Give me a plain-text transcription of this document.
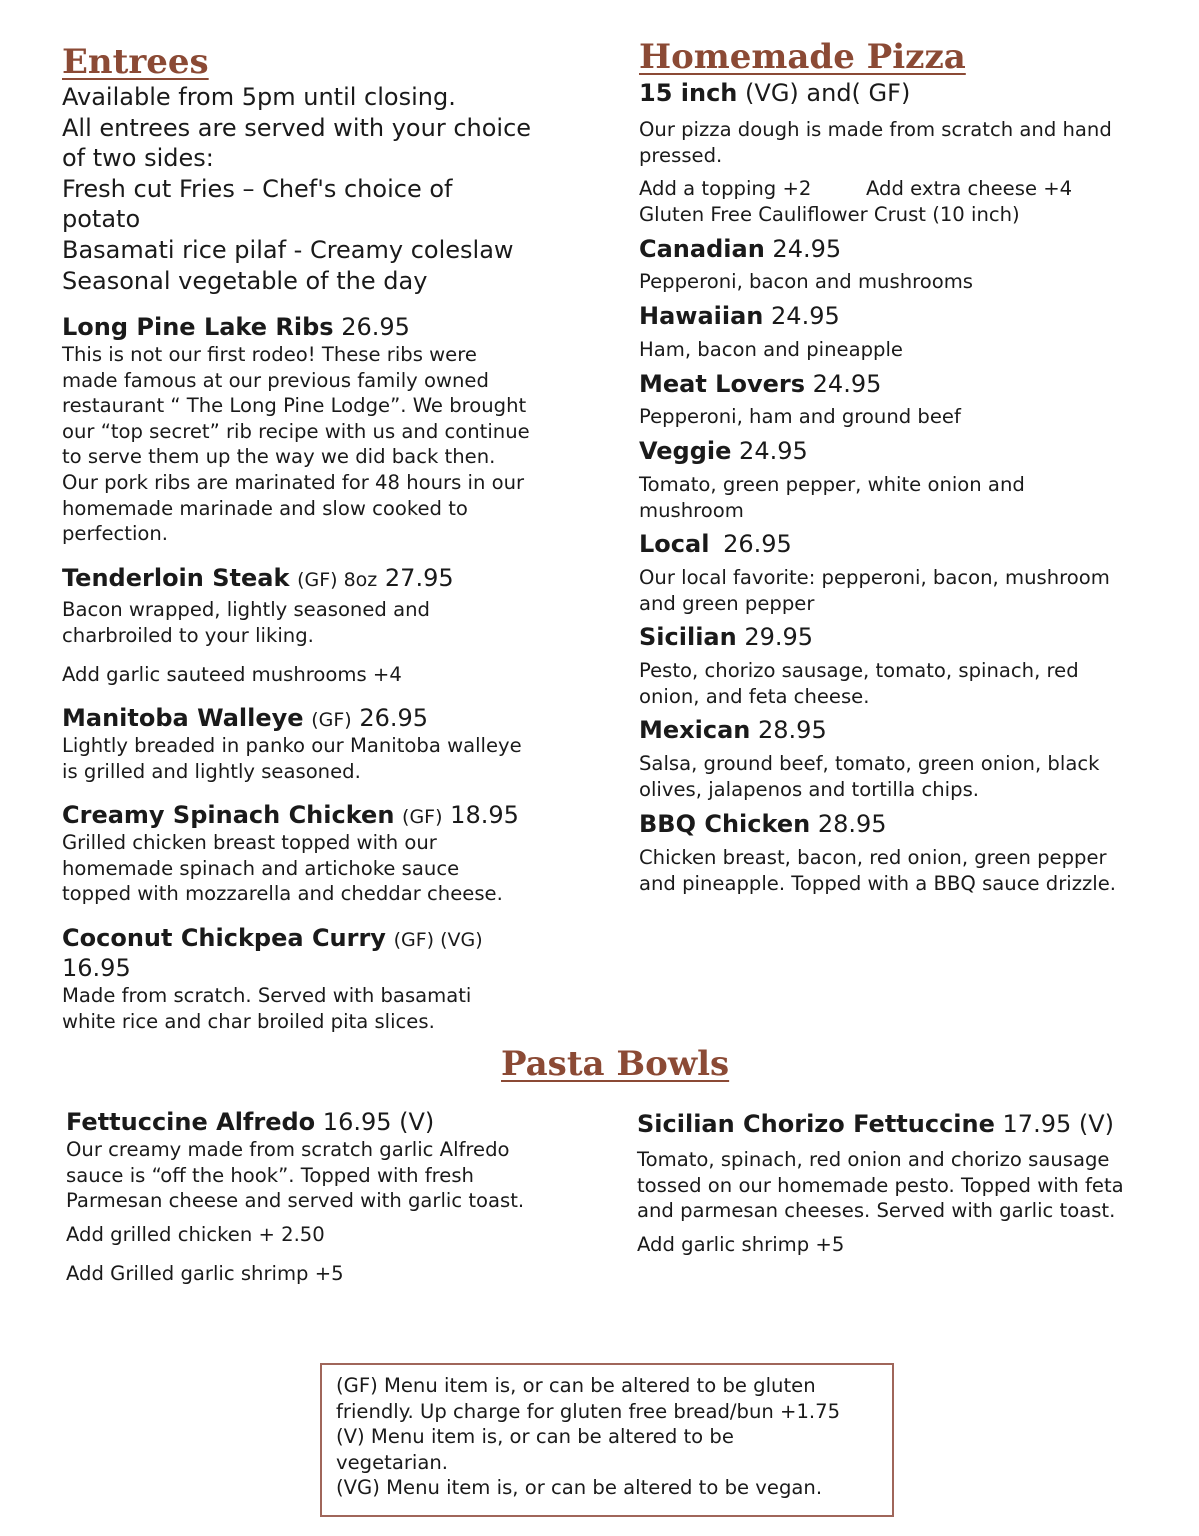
Entrees
Available from 5pm until closing.
All entrees are served with your choice
of two sides:
Fresh cut Fries – Chef's choice of
potato
Basamati rice pilaf - Creamy coleslaw
Seasonal vegetable of the day
Long Pine Lake Ribs 26.95
This is not our first rodeo! These ribs were
made famous at our previous family owned
restaurant “ The Long Pine Lodge”. We brought
our “top secret” rib recipe with us and continue
to serve them up the way we did back then.
Our pork ribs are marinated for 48 hours in our
homemade marinade and slow cooked to
perfection.
Tenderloin Steak (GF) 8oz 27.95
Bacon wrapped, lightly seasoned and
charbroiled to your liking.
Add garlic sauteed mushrooms +4
Manitoba Walleye (GF) 26.95
Lightly breaded in panko our Manitoba walleye
is grilled and lightly seasoned.
Creamy Spinach Chicken (GF) 18.95
Grilled chicken breast topped with our
homemade spinach and artichoke sauce
topped with mozzarella and cheddar cheese.
Coconut Chickpea Curry (GF) (VG)
16.95
Made from scratch. Served with basamati
white rice and char broiled pita slices.
Homemade Pizza
15 inch (VG) and( GF)
Our pizza dough is made from scratch and hand
pressed.
Add a topping +2	Add extra cheese +4
Gluten Free Cauliflower Crust (10 inch)
Canadian 24.95
Pepperoni, bacon and mushrooms
Hawaiian 24.95
Ham, bacon and pineapple
Meat Lovers 24.95
Pepperoni, ham and ground beef
Veggie 24.95
Tomato, green pepper, white onion and
mushroom
Local 26.95
Our local favorite: pepperoni, bacon, mushroom
and green pepper
Sicilian 29.95
Pesto, chorizo sausage, tomato, spinach, red
onion, and feta cheese.
Mexican 28.95
Salsa, ground beef, tomato, green onion, black
olives, jalapenos and tortilla chips.
BBQ Chicken 28.95
Chicken breast, bacon, red onion, green pepper
and pineapple. Topped with a BBQ sauce drizzle.
Pasta Bowls
Fettuccine Alfredo 16.95 (V)
Our creamy made from scratch garlic Alfredo
sauce is “off the hook”. Topped with fresh
Parmesan cheese and served with garlic toast.
Add grilled chicken + 2.50
Add Grilled garlic shrimp +5
Sicilian Chorizo Fettuccine 17.95 (V)
Tomato, spinach, red onion and chorizo sausage
tossed on our homemade pesto. Topped with feta
and parmesan cheeses. Served with garlic toast.
Add garlic shrimp +5
(GF) Menu item is, or can be altered to be gluten
friendly. Up charge for gluten free bread/bun +1.75
(V) Menu item is, or can be altered to be
vegetarian.
(VG) Menu item is, or can be altered to be vegan.
